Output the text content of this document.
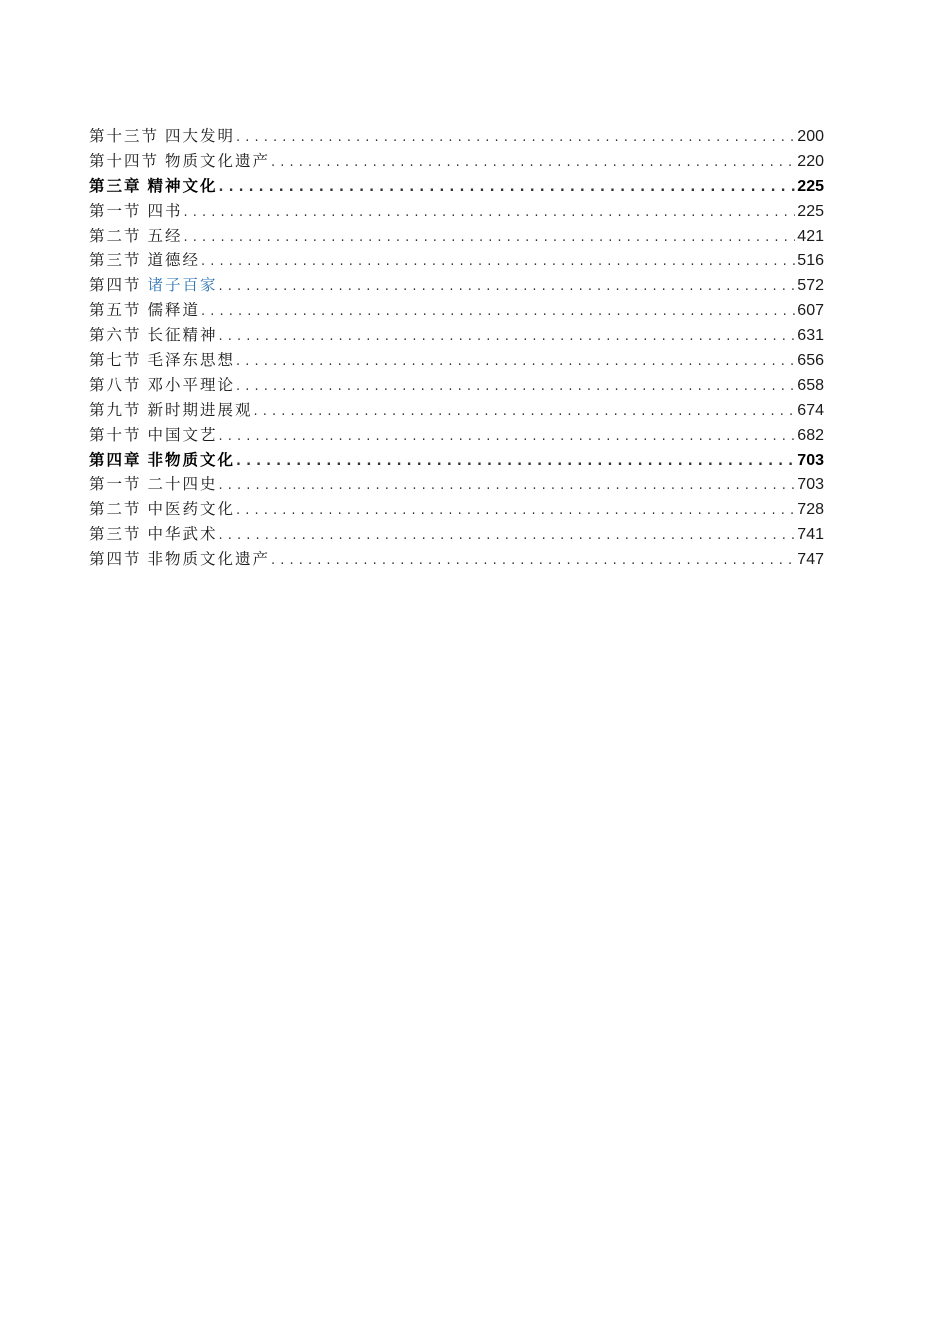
第十三节 四大发明 .....	200
第十四节 物质文化遗产 .....	220
第三章 精神文化 .....	225
第一节 四书 .....	225
第二节 五经 .....	421
第三节 道德经 .....	516
第四节 诸子百家 .....	572
第五节 儒释道 .....	607
第六节 长征精神 .....	631
第七节 毛泽东思想 .....	656
第八节 邓小平理论 .....	658
第九节 新时期进展观 .....	674
第十节 中国文艺 .....	682
第四章 非物质文化 .....	703
第一节 二十四史 .....	703
第二节 中医药文化 .....	728
第三节 中华武术 .....	741
第四节 非物质文化遗产 .....	747
